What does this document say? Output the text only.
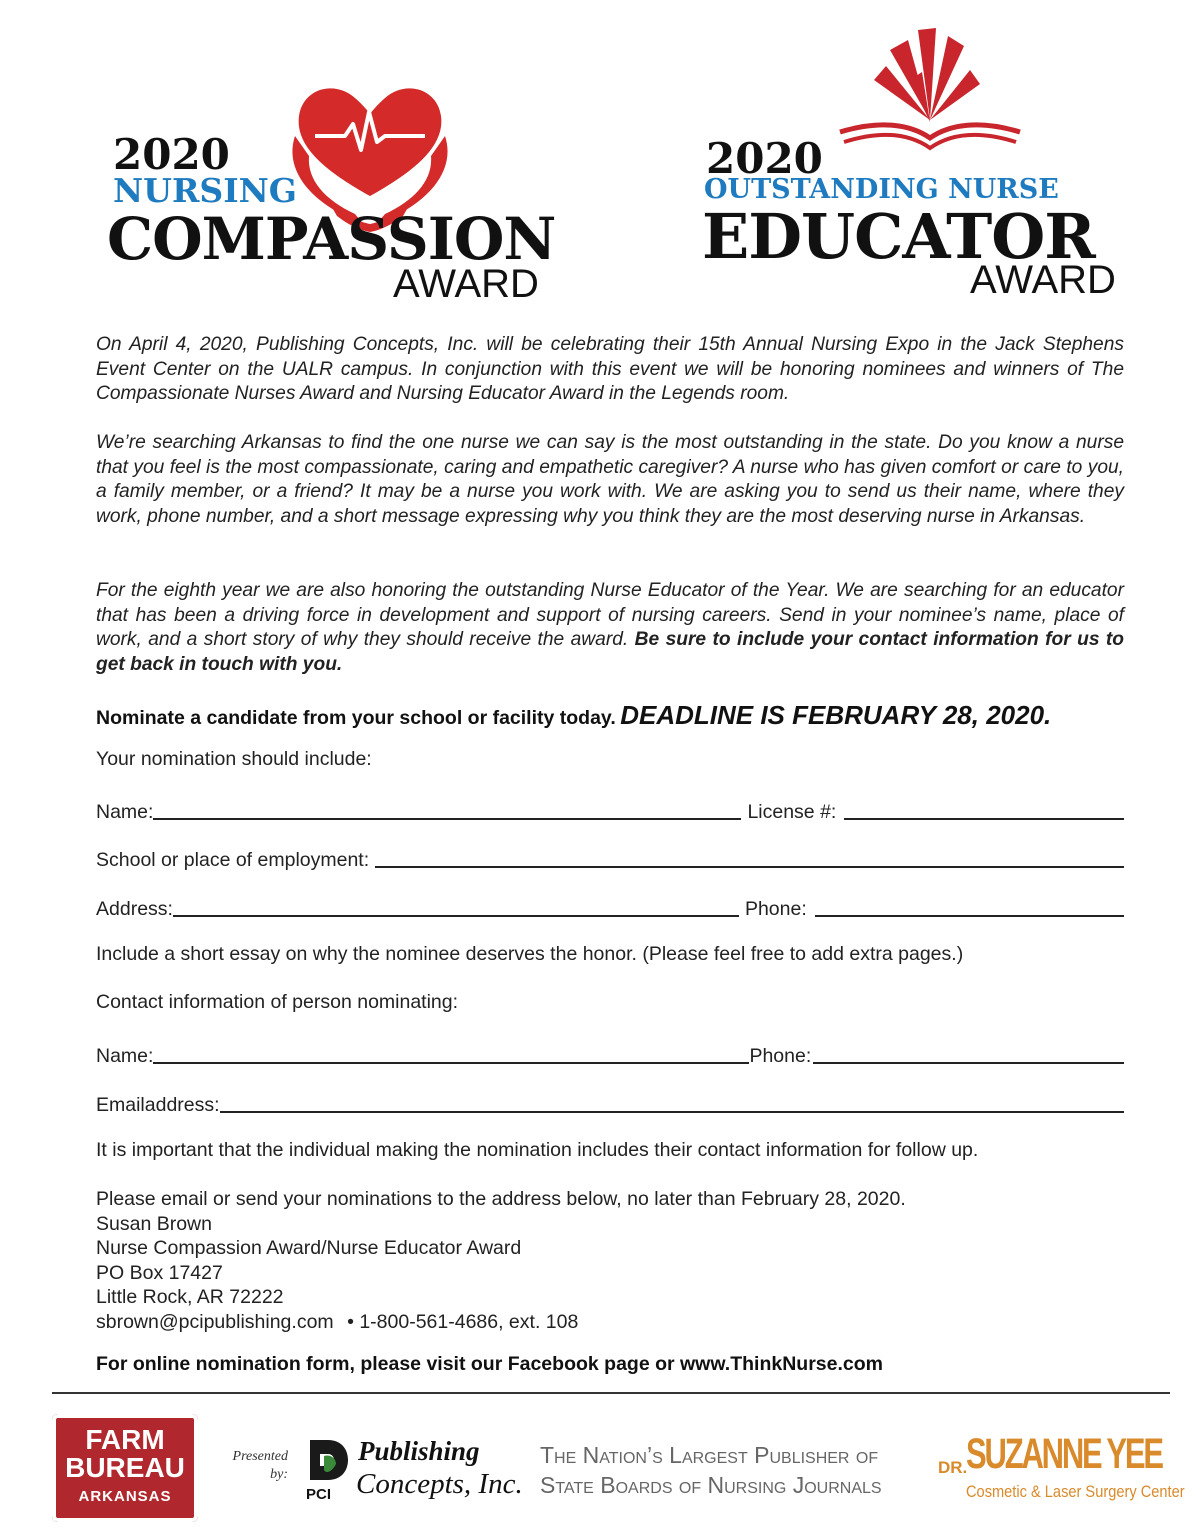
2020
NURSING
COMPASSION
AWARD
2020
OUTSTANDING NURSE
EDUCATOR
AWARD
On April 4, 2020, Publishing Concepts, Inc. will be celebrating their 15th Annual Nursing Expo in the Jack Stephens Event Center on the UALR campus. In conjunction with this event we will be honoring nominees and winners of The Compassionate Nurses Award and Nursing Educator Award in the Legends room.
We’re searching Arkansas to find the one nurse we can say is the most outstanding in the state. Do you know a nurse that you feel is the most compassionate, caring and empathetic caregiver? A nurse who has given comfort or care to you, a family member, or a friend? It may be a nurse you work with. We are asking you to send us their name, where they work, phone number, and a short message expressing why you think they are the most deserving nurse in Arkansas.
For the eighth year we are also honoring the outstanding Nurse Educator of the Year. We are searching for an educator that has been a driving force in development and support of nursing careers. Send in your nominee’s name, place of work, and a short story of why they should receive the award. Be sure to include your contact information for us to get back in touch with you.
Nominate a candidate from your school or facility today. DEADLINE IS FEBRUARY 28, 2020.
Your nomination should include:
Name:	License #:
School or place of employment:
Address:	Phone:
Include a short essay on why the nominee deserves the honor. (Please feel free to add extra pages.)
Contact information of person nominating:
Name:	Phone:
Emailaddress:
It is important that the individual making the nomination includes their contact information for follow up.
Please email or send your nominations to the address below, no later than February 28, 2020.
Susan Brown
Nurse Compassion Award/Nurse Educator Award
PO Box 17427
Little Rock, AR 72222
sbrown@pcipublishing.com • 1-800-561-4686, ext. 108
For online nomination form, please visit our Facebook page or www.ThinkNurse.com
FARM
BUREAU
ARKANSAS
Presented
by:
PCI
Publishing
Concepts, Inc.
The Nation’s Largest Publisher of
State Boards of Nursing Journals
DR.
SUZANNE YEE
Cosmetic & Laser Surgery Center
